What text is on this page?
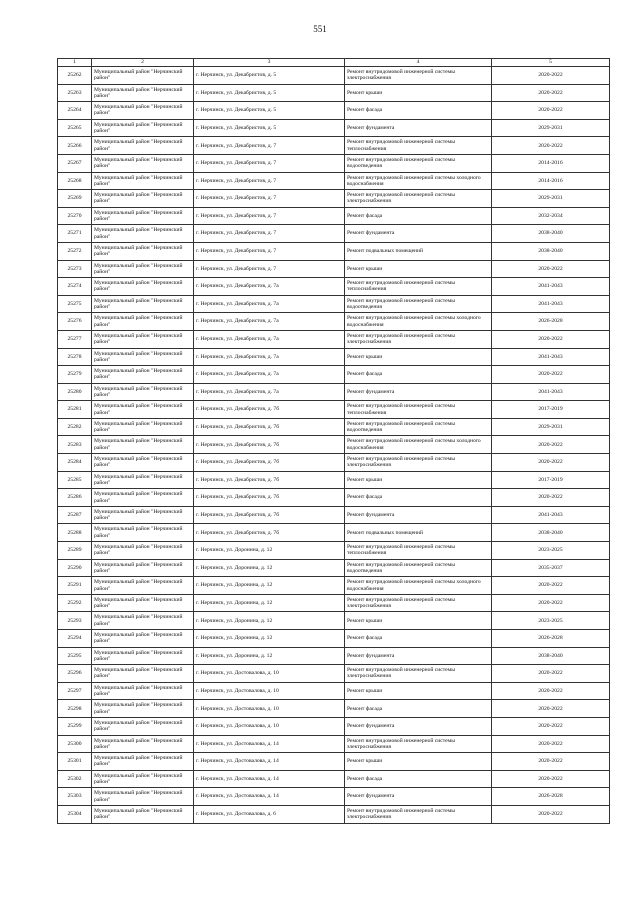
551
1	2	3	4	5
25262	Муниципальный район "Нерчинский район"	г. Нерчинск, ул. Декабристов, д. 5	Ремонт внутридомовой инженерной системы электроснабжения	2020-2022
25263	Муниципальный район "Нерчинский район"	г. Нерчинск, ул. Декабристов, д. 5	Ремонт крыши	2020-2022
25264	Муниципальный район "Нерчинский район"	г. Нерчинск, ул. Декабристов, д. 5	Ремонт фасада	2020-2022
25265	Муниципальный район "Нерчинский район"	г. Нерчинск, ул. Декабристов, д. 5	Ремонт фундамента	2029-2031
25266	Муниципальный район "Нерчинский район"	г. Нерчинск, ул. Декабристов, д. 7	Ремонт внутридомовой инженерной системы теплоснабжения	2020-2022
25267	Муниципальный район "Нерчинский район"	г. Нерчинск, ул. Декабристов, д. 7	Ремонт внутридомовой инженерной системы водоотведения	2014-2016
25268	Муниципальный район "Нерчинский район"	г. Нерчинск, ул. Декабристов, д. 7	Ремонт внутридомовой инженерной системы холодного водоснабжения	2014-2016
25269	Муниципальный район "Нерчинский район"	г. Нерчинск, ул. Декабристов, д. 7	Ремонт внутридомовой инженерной системы электроснабжения	2029-2031
25270	Муниципальный район "Нерчинский район"	г. Нерчинск, ул. Декабристов, д. 7	Ремонт фасада	2032-2034
25271	Муниципальный район "Нерчинский район"	г. Нерчинск, ул. Декабристов, д. 7	Ремонт фундамента	2038-2040
25272	Муниципальный район "Нерчинский район"	г. Нерчинск, ул. Декабристов, д. 7	Ремонт подвальных помещений	2038-2040
25273	Муниципальный район "Нерчинский район"	г. Нерчинск, ул. Декабристов, д. 7	Ремонт крыши	2020-2022
25274	Муниципальный район "Нерчинский район"	г. Нерчинск, ул. Декабристов, д. 7а	Ремонт внутридомовой инженерной системы теплоснабжения	2041-2043
25275	Муниципальный район "Нерчинский район"	г. Нерчинск, ул. Декабристов, д. 7а	Ремонт внутридомовой инженерной системы водоотведения	2041-2043
25276	Муниципальный район "Нерчинский район"	г. Нерчинск, ул. Декабристов, д. 7а	Ремонт внутридомовой инженерной системы холодного водоснабжения	2026-2028
25277	Муниципальный район "Нерчинский район"	г. Нерчинск, ул. Декабристов, д. 7а	Ремонт внутридомовой инженерной системы электроснабжения	2020-2022
25278	Муниципальный район "Нерчинский район"	г. Нерчинск, ул. Декабристов, д. 7а	Ремонт крыши	2041-2043
25279	Муниципальный район "Нерчинский район"	г. Нерчинск, ул. Декабристов, д. 7а	Ремонт фасада	2020-2022
25280	Муниципальный район "Нерчинский район"	г. Нерчинск, ул. Декабристов, д. 7а	Ремонт фундамента	2041-2043
25281	Муниципальный район "Нерчинский район"	г. Нерчинск, ул. Декабристов, д. 7б	Ремонт внутридомовой инженерной системы теплоснабжения	2017-2019
25282	Муниципальный район "Нерчинский район"	г. Нерчинск, ул. Декабристов, д. 7б	Ремонт внутридомовой инженерной системы водоотведения	2029-2031
25283	Муниципальный район "Нерчинский район"	г. Нерчинск, ул. Декабристов, д. 7б	Ремонт внутридомовой инженерной системы холодного водоснабжения	2020-2022
25284	Муниципальный район "Нерчинский район"	г. Нерчинск, ул. Декабристов, д. 7б	Ремонт внутридомовой инженерной системы электроснабжения	2020-2022
25285	Муниципальный район "Нерчинский район"	г. Нерчинск, ул. Декабристов, д. 7б	Ремонт крыши	2017-2019
25286	Муниципальный район "Нерчинский район"	г. Нерчинск, ул. Декабристов, д. 7б	Ремонт фасада	2020-2022
25287	Муниципальный район "Нерчинский район"	г. Нерчинск, ул. Декабристов, д. 7б	Ремонт фундамента	2041-2043
25288	Муниципальный район "Нерчинский район"	г. Нерчинск, ул. Декабристов, д. 7б	Ремонт подвальных помещений	2038-2040
25289	Муниципальный район "Нерчинский район"	г. Нерчинск, ул. Доронина, д. 12	Ремонт внутридомовой инженерной системы теплоснабжения	2023-2025
25290	Муниципальный район "Нерчинский район"	г. Нерчинск, ул. Доронина, д. 12	Ремонт внутридомовой инженерной системы водоотведения	2035-2037
25291	Муниципальный район "Нерчинский район"	г. Нерчинск, ул. Доронина, д. 12	Ремонт внутридомовой инженерной системы холодного водоснабжения	2020-2022
25292	Муниципальный район "Нерчинский район"	г. Нерчинск, ул. Доронина, д. 12	Ремонт внутридомовой инженерной системы электроснабжения	2020-2022
25293	Муниципальный район "Нерчинский район"	г. Нерчинск, ул. Доронина, д. 12	Ремонт крыши	2023-2025
25294	Муниципальный район "Нерчинский район"	г. Нерчинск, ул. Доронина, д. 12	Ремонт фасада	2026-2028
25295	Муниципальный район "Нерчинский район"	г. Нерчинск, ул. Доронина, д. 12	Ремонт фундамента	2038-2040
25296	Муниципальный район "Нерчинский район"	г. Нерчинск, ул. Достовалова, д. 10	Ремонт внутридомовой инженерной системы электроснабжения	2020-2022
25297	Муниципальный район "Нерчинский район"	г. Нерчинск, ул. Достовалова, д. 10	Ремонт крыши	2020-2022
25298	Муниципальный район "Нерчинский район"	г. Нерчинск, ул. Достовалова, д. 10	Ремонт фасада	2020-2022
25299	Муниципальный район "Нерчинский район"	г. Нерчинск, ул. Достовалова, д. 10	Ремонт фундамента	2020-2022
25300	Муниципальный район "Нерчинский район"	г. Нерчинск, ул. Достовалова, д. 14	Ремонт внутридомовой инженерной системы электроснабжения	2020-2022
25301	Муниципальный район "Нерчинский район"	г. Нерчинск, ул. Достовалова, д. 14	Ремонт крыши	2020-2022
25302	Муниципальный район "Нерчинский район"	г. Нерчинск, ул. Достовалова, д. 14	Ремонт фасада	2020-2022
25303	Муниципальный район "Нерчинский район"	г. Нерчинск, ул. Достовалова, д. 14	Ремонт фундамента	2026-2028
25304	Муниципальный район "Нерчинский район"	г. Нерчинск, ул. Достовалова, д. 6	Ремонт внутридомовой инженерной системы электроснабжения	2020-2022
